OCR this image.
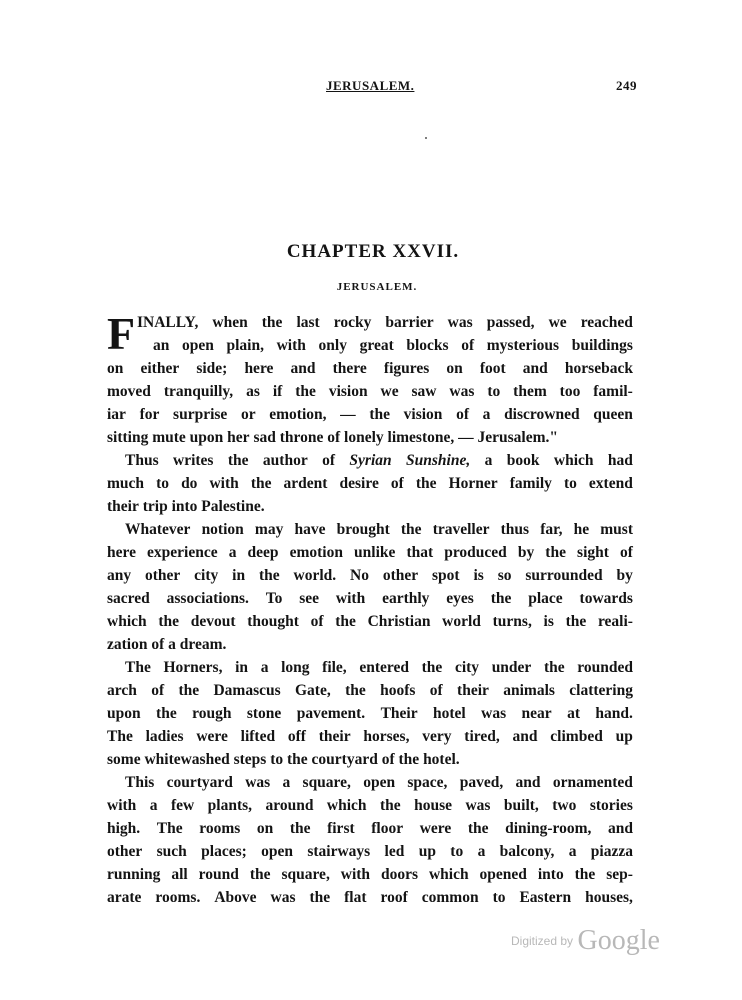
JERUSALEM.	249
CHAPTER XXVII.
JERUSALEM.
F INALLY, when the last rocky barrier was passed, we reached
an open plain, with only great blocks of mysterious buildings
on either side; here and there figures on foot and horseback
moved tranquilly, as if the vision we saw was to them too famil-
iar for surprise or emotion, — the vision of a discrowned queen
sitting
mute
upon
her
sad
throne
of
lonely
limestone,
—
Jerusalem."
Thus writes the author of Syrian Sunshine, a book which had
much to do with the ardent desire of the Horner family to extend
their
trip
into
Palestine.
Whatever notion may have brought the traveller thus far, he must
here experience a deep emotion unlike that produced by the sight of
any other city in the world. No other spot is so surrounded by
sacred associations. To see with earthly eyes the place towards
which the devout thought of the Christian world turns, is the reali-
zation
of
a
dream.
The Horners, in a long file, entered the city under the rounded
arch of the Damascus Gate, the hoofs of their animals clattering
upon the rough stone pavement. Their hotel was near at hand.
The ladies were lifted off their horses, very tired, and climbed up
some
whitewashed
steps
to
the
courtyard
of
the
hotel.
This courtyard was a square, open space, paved, and ornamented
with a few plants, around which the house was built, two stories
high. The rooms on the first floor were the dining-room, and
other such places; open stairways led up to a balcony, a piazza
running all round the square, with doors which opened into the sep-
arate rooms. Above was the flat roof common to Eastern houses,
$^{Digitized by}$ Google
